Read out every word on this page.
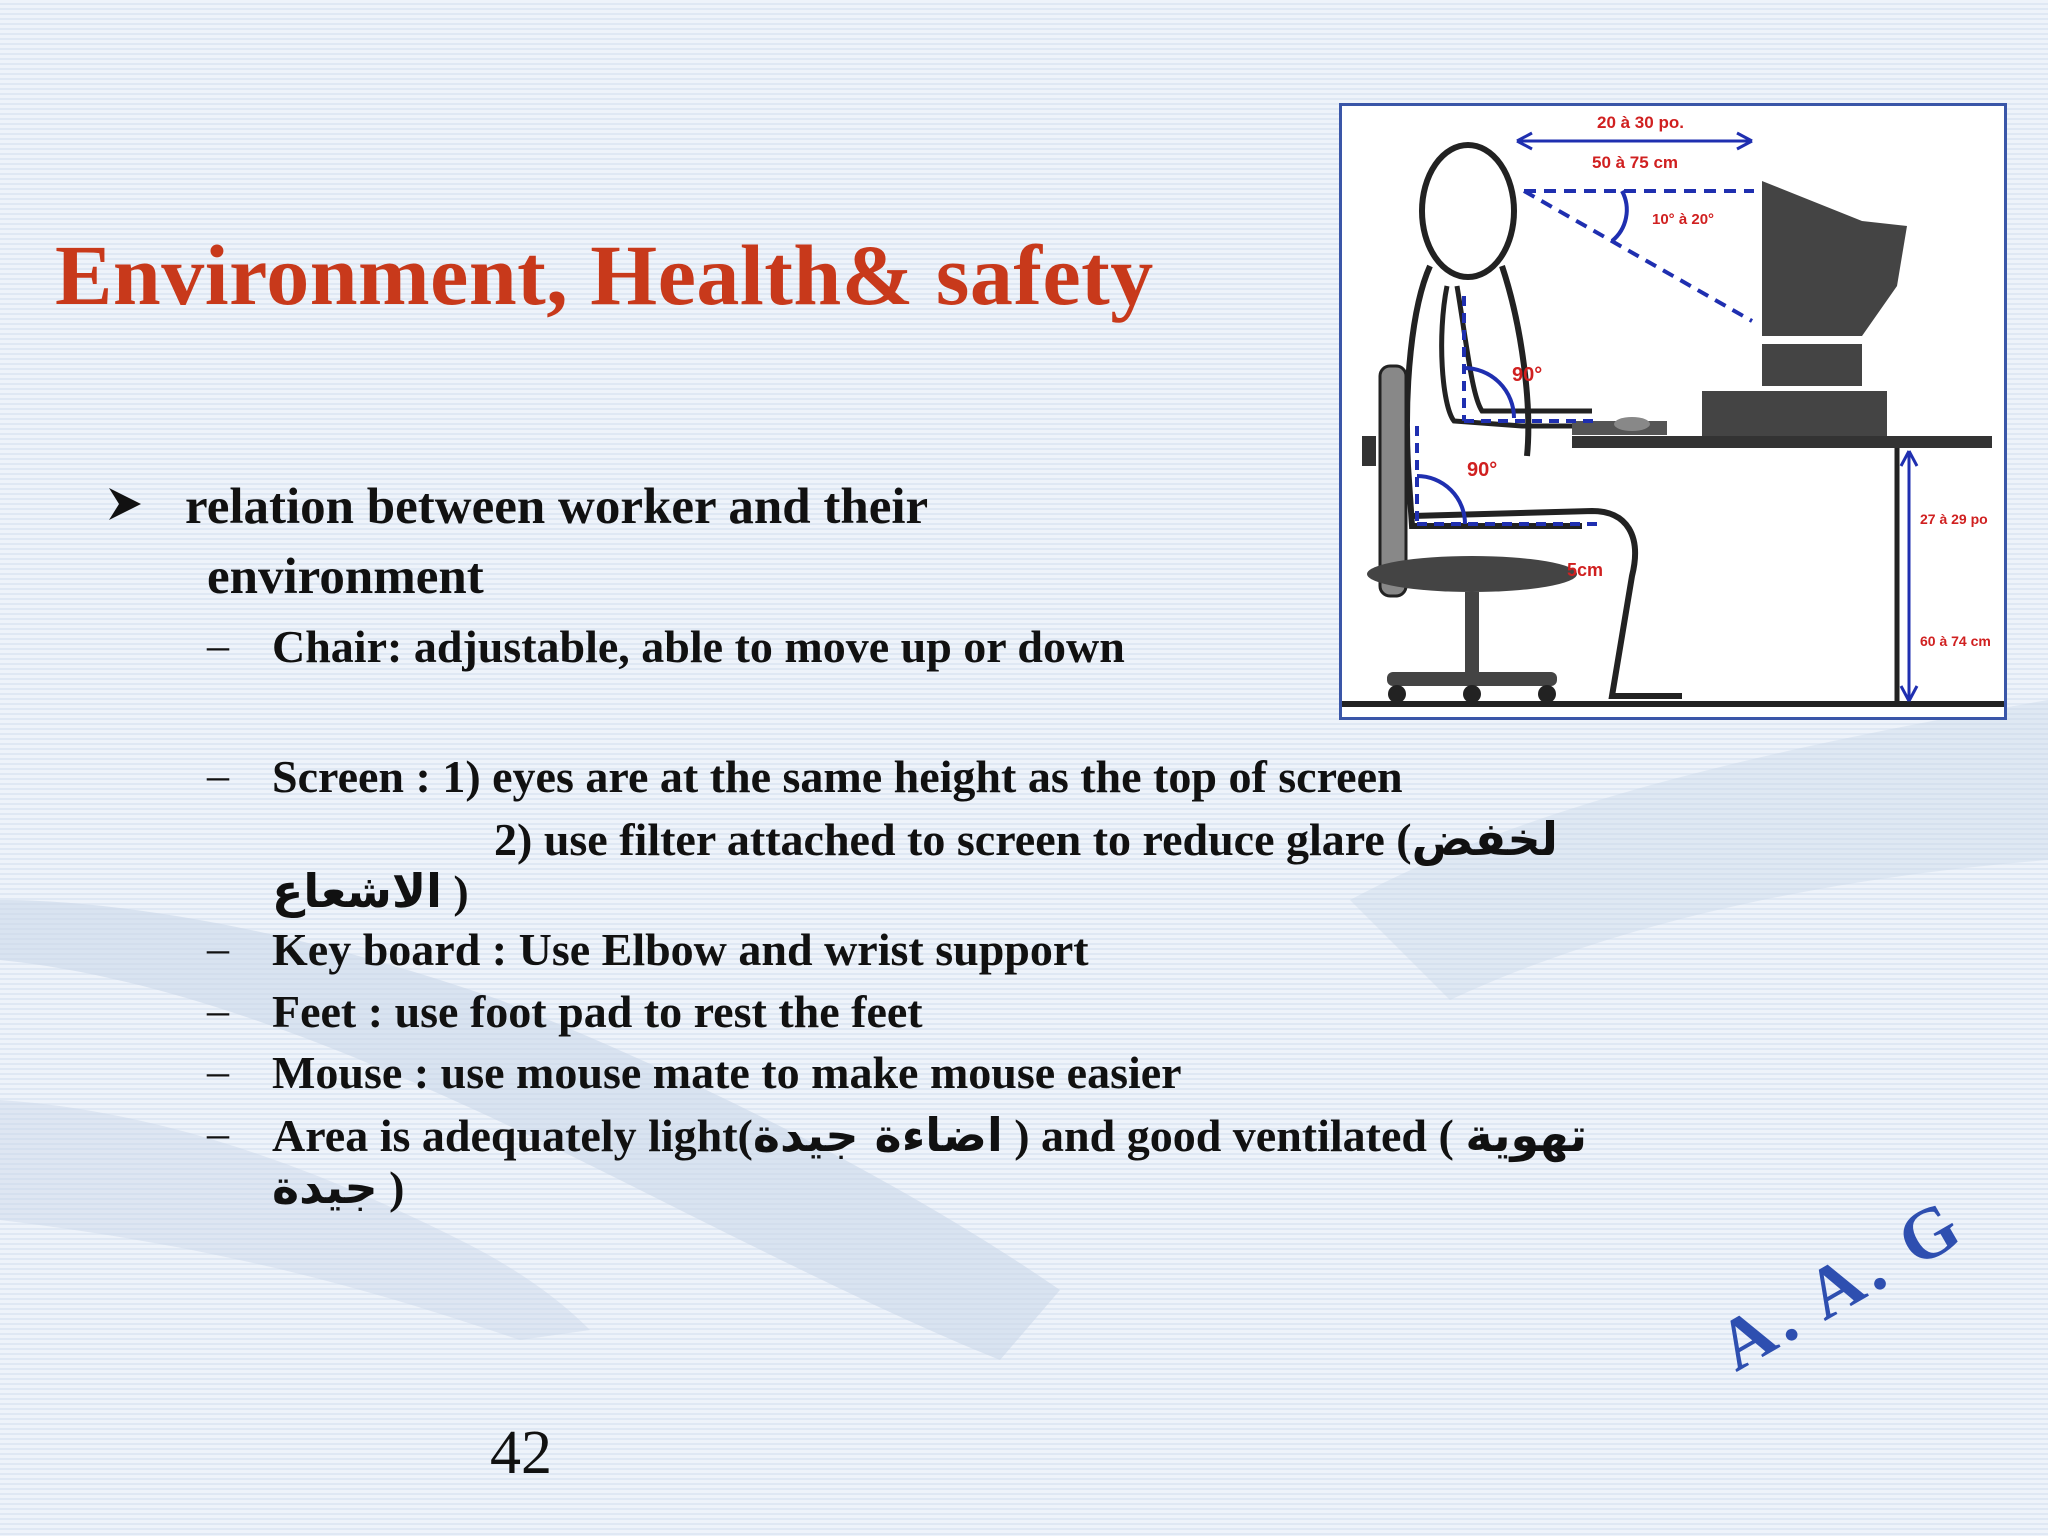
Environment, Health& safety
relation between worker and their
environment
– Chair: adjustable, able to move up or down
– Screen : 1) eyes are at the same height as the top of screen
2) use filter attached to screen to reduce glare (لخفض
الاشعاع )
– Key board : Use Elbow and wrist support
– Feet : use foot pad to rest the feet
– Mouse : use mouse mate to make mouse easier
– Area is adequately light(اضاءة جيدة ) and good ventilated ( تهوية
جيدة )
42
A. A. G
20 à 30 po.
50 à 75 cm
10° à 20°
90°
90°
5cm
27 à 29 po
60 à 74 cm
